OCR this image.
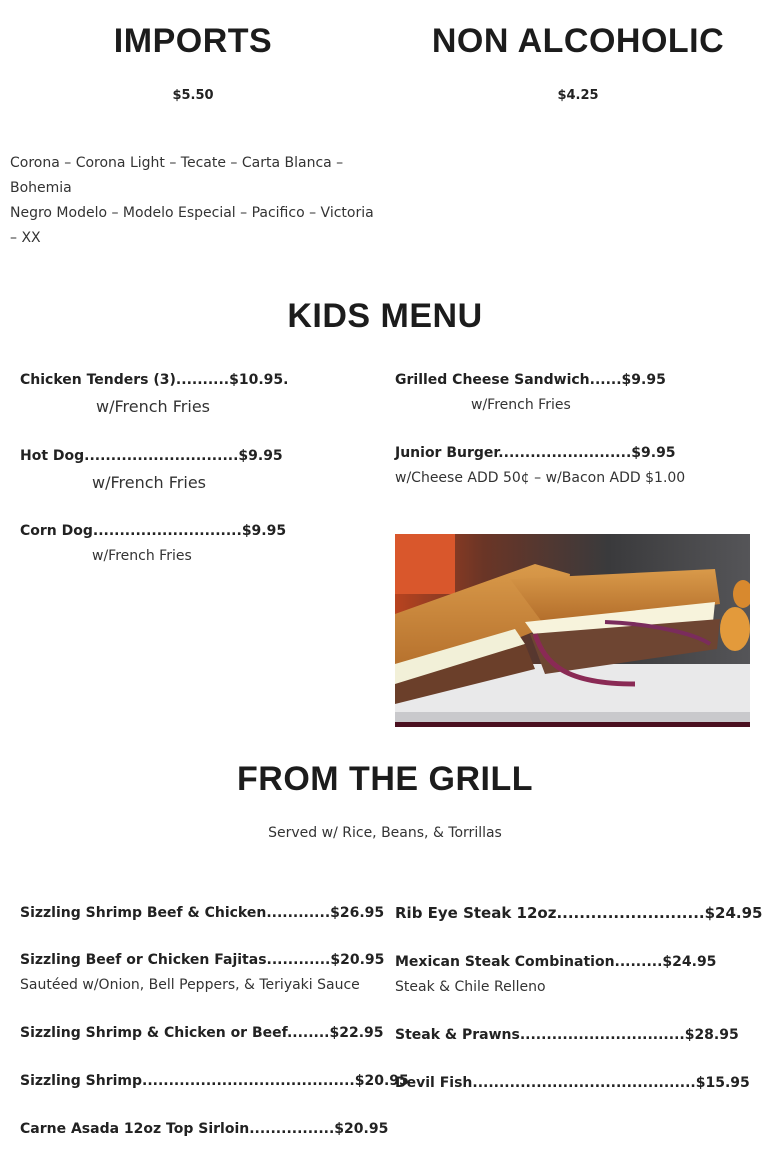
IMPORTS
$5.50
Corona – Corona Light – Tecate – Carta Blanca – Bohemia
Negro Modelo – Modelo Especial – Pacifico – Victoria – XX
NON ALCOHOLIC
$4.25
KIDS MENU
Chicken Tenders (3)..........$10.95.
w/French Fries
Hot Dog.............................$9.95
w/French Fries
Corn Dog............................$9.95
w/French Fries
Grilled Cheese Sandwich......$9.95
w/French Fries
Junior Burger.........................$9.95
w/Cheese ADD 50¢ – w/Bacon ADD $1.00
FROM THE GRILL
Served w/ Rice, Beans, & Torrillas
Sizzling Shrimp Beef & Chicken............$26.95
Sizzling Beef or Chicken Fajitas............$20.95
Sautéed w/Onion, Bell Peppers, & Teriyaki Sauce
Sizzling Shrimp & Chicken or Beef........$22.95
Sizzling Shrimp........................................$20.95
Carne Asada 12oz Top Sirloin................$20.95
Rib Eye Steak 12oz..........................$24.95
Mexican Steak Combination.........$24.95
Steak & Chile Relleno
Steak & Prawns...............................$28.95
Devil Fish..........................................$15.95
